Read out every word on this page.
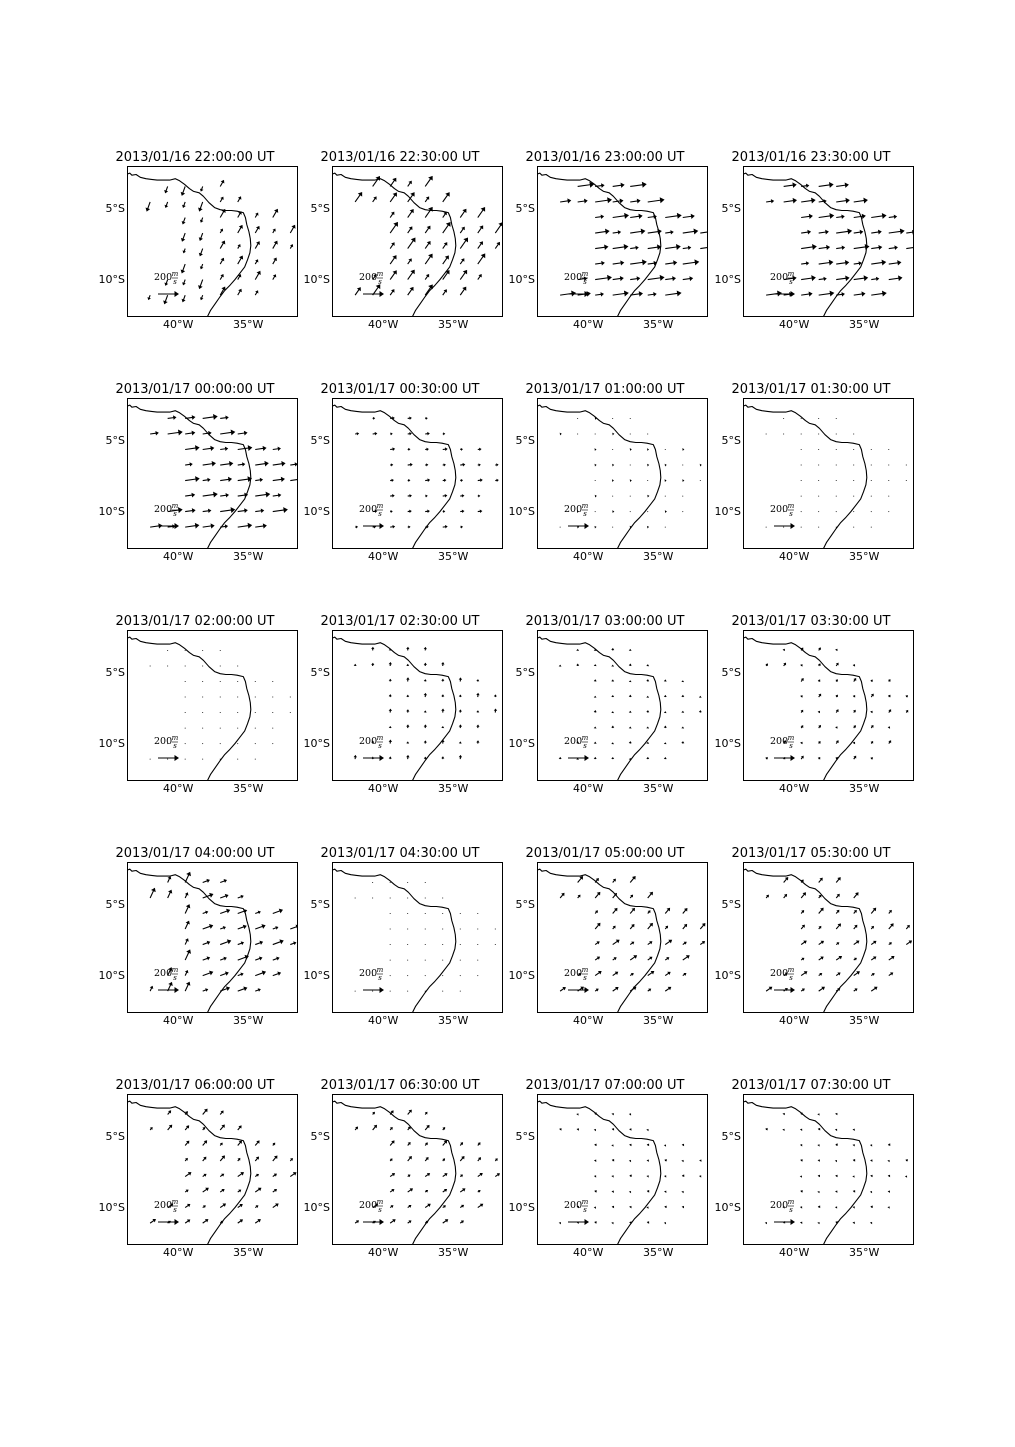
2013/01/16 22:00:00 UT
5°S
10°S
40°W	35°W
200 m
s
2013/01/16 22:30:00 UT
5°S
10°S
40°W	35°W
200 m
s
2013/01/16 23:00:00 UT
5°S
10°S
40°W	35°W
200 m
s
2013/01/16 23:30:00 UT
5°S
10°S
40°W	35°W
200 m
s
2013/01/17 00:00:00 UT
5°S
10°S
40°W	35°W
200 m
s
2013/01/17 00:30:00 UT
5°S
10°S
40°W	35°W
200 m
s
2013/01/17 01:00:00 UT
5°S
10°S
40°W	35°W
200 m
s
2013/01/17 01:30:00 UT
5°S
10°S
40°W	35°W
200 m
s
2013/01/17 02:00:00 UT
5°S
10°S
40°W	35°W
200 m
s
2013/01/17 02:30:00 UT
5°S
10°S
40°W	35°W
200 m
s
2013/01/17 03:00:00 UT
5°S
10°S
40°W	35°W
200 m
s
2013/01/17 03:30:00 UT
5°S
10°S
40°W	35°W
200 m
s
2013/01/17 04:00:00 UT
5°S
10°S
40°W	35°W
200 m
s
2013/01/17 04:30:00 UT
5°S
10°S
40°W	35°W
200 m
s
2013/01/17 05:00:00 UT
5°S
10°S
40°W	35°W
200 m
s
2013/01/17 05:30:00 UT
5°S
10°S
40°W	35°W
200 m
s
2013/01/17 06:00:00 UT
5°S
10°S
40°W	35°W
200 m
s
2013/01/17 06:30:00 UT
5°S
10°S
40°W	35°W
200 m
s
2013/01/17 07:00:00 UT
5°S
10°S
40°W	35°W
200 m
s
2013/01/17 07:30:00 UT
5°S
10°S
40°W	35°W
200 m
s
